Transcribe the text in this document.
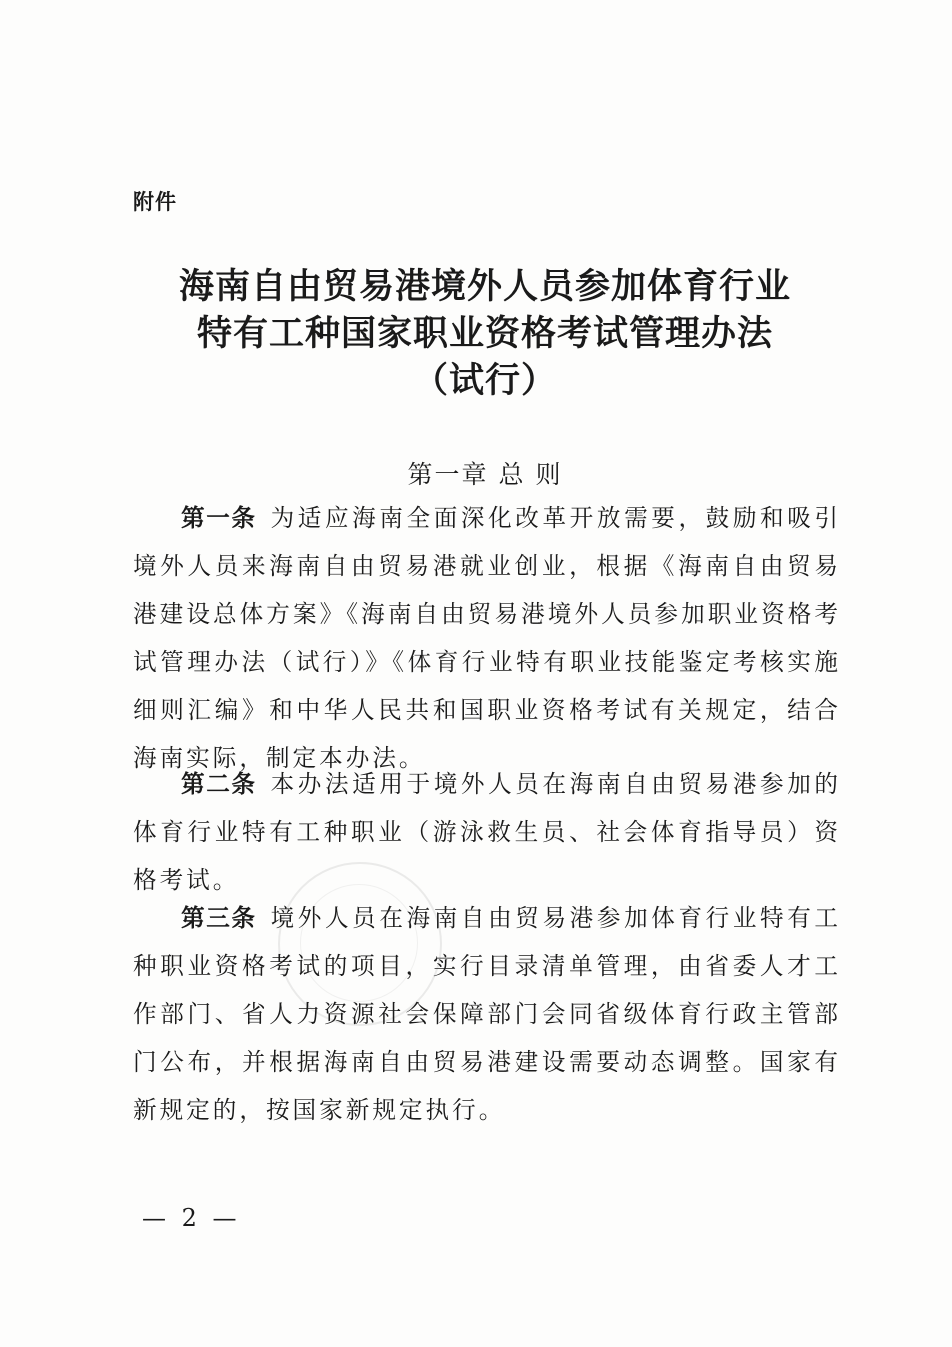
附件
海南自由贸易港境外人员参加体育行业
特有工种国家职业资格考试管理办法
（试行）
第一章 总 则

第一条 为适应海南全面深化改革开放需要，鼓励和吸引境外人员来海南自由贸易港就业创业，根据《海南自由贸易港建设总体方案》《海南自由贸易港境外人员参加职业资格考试管理办法（试行）》《体育行业特有职业技能鉴定考核实施细则汇编》和中华人民共和国职业资格考试有关规定，结合海南实际，制定本办法。

第二条 本办法适用于境外人员在海南自由贸易港参加的体育行业特有工种职业（游泳救生员、社会体育指导员）资格考试。

第三条 境外人员在海南自由贸易港参加体育行业特有工种职业资格考试的项目，实行目录清单管理，由省委人才工作部门、省人力资源社会保障部门会同省级体育行政主管部门公布，并根据海南自由贸易港建设需要动态调整。国家有新规定的，按国家新规定执行。

— 2 —
